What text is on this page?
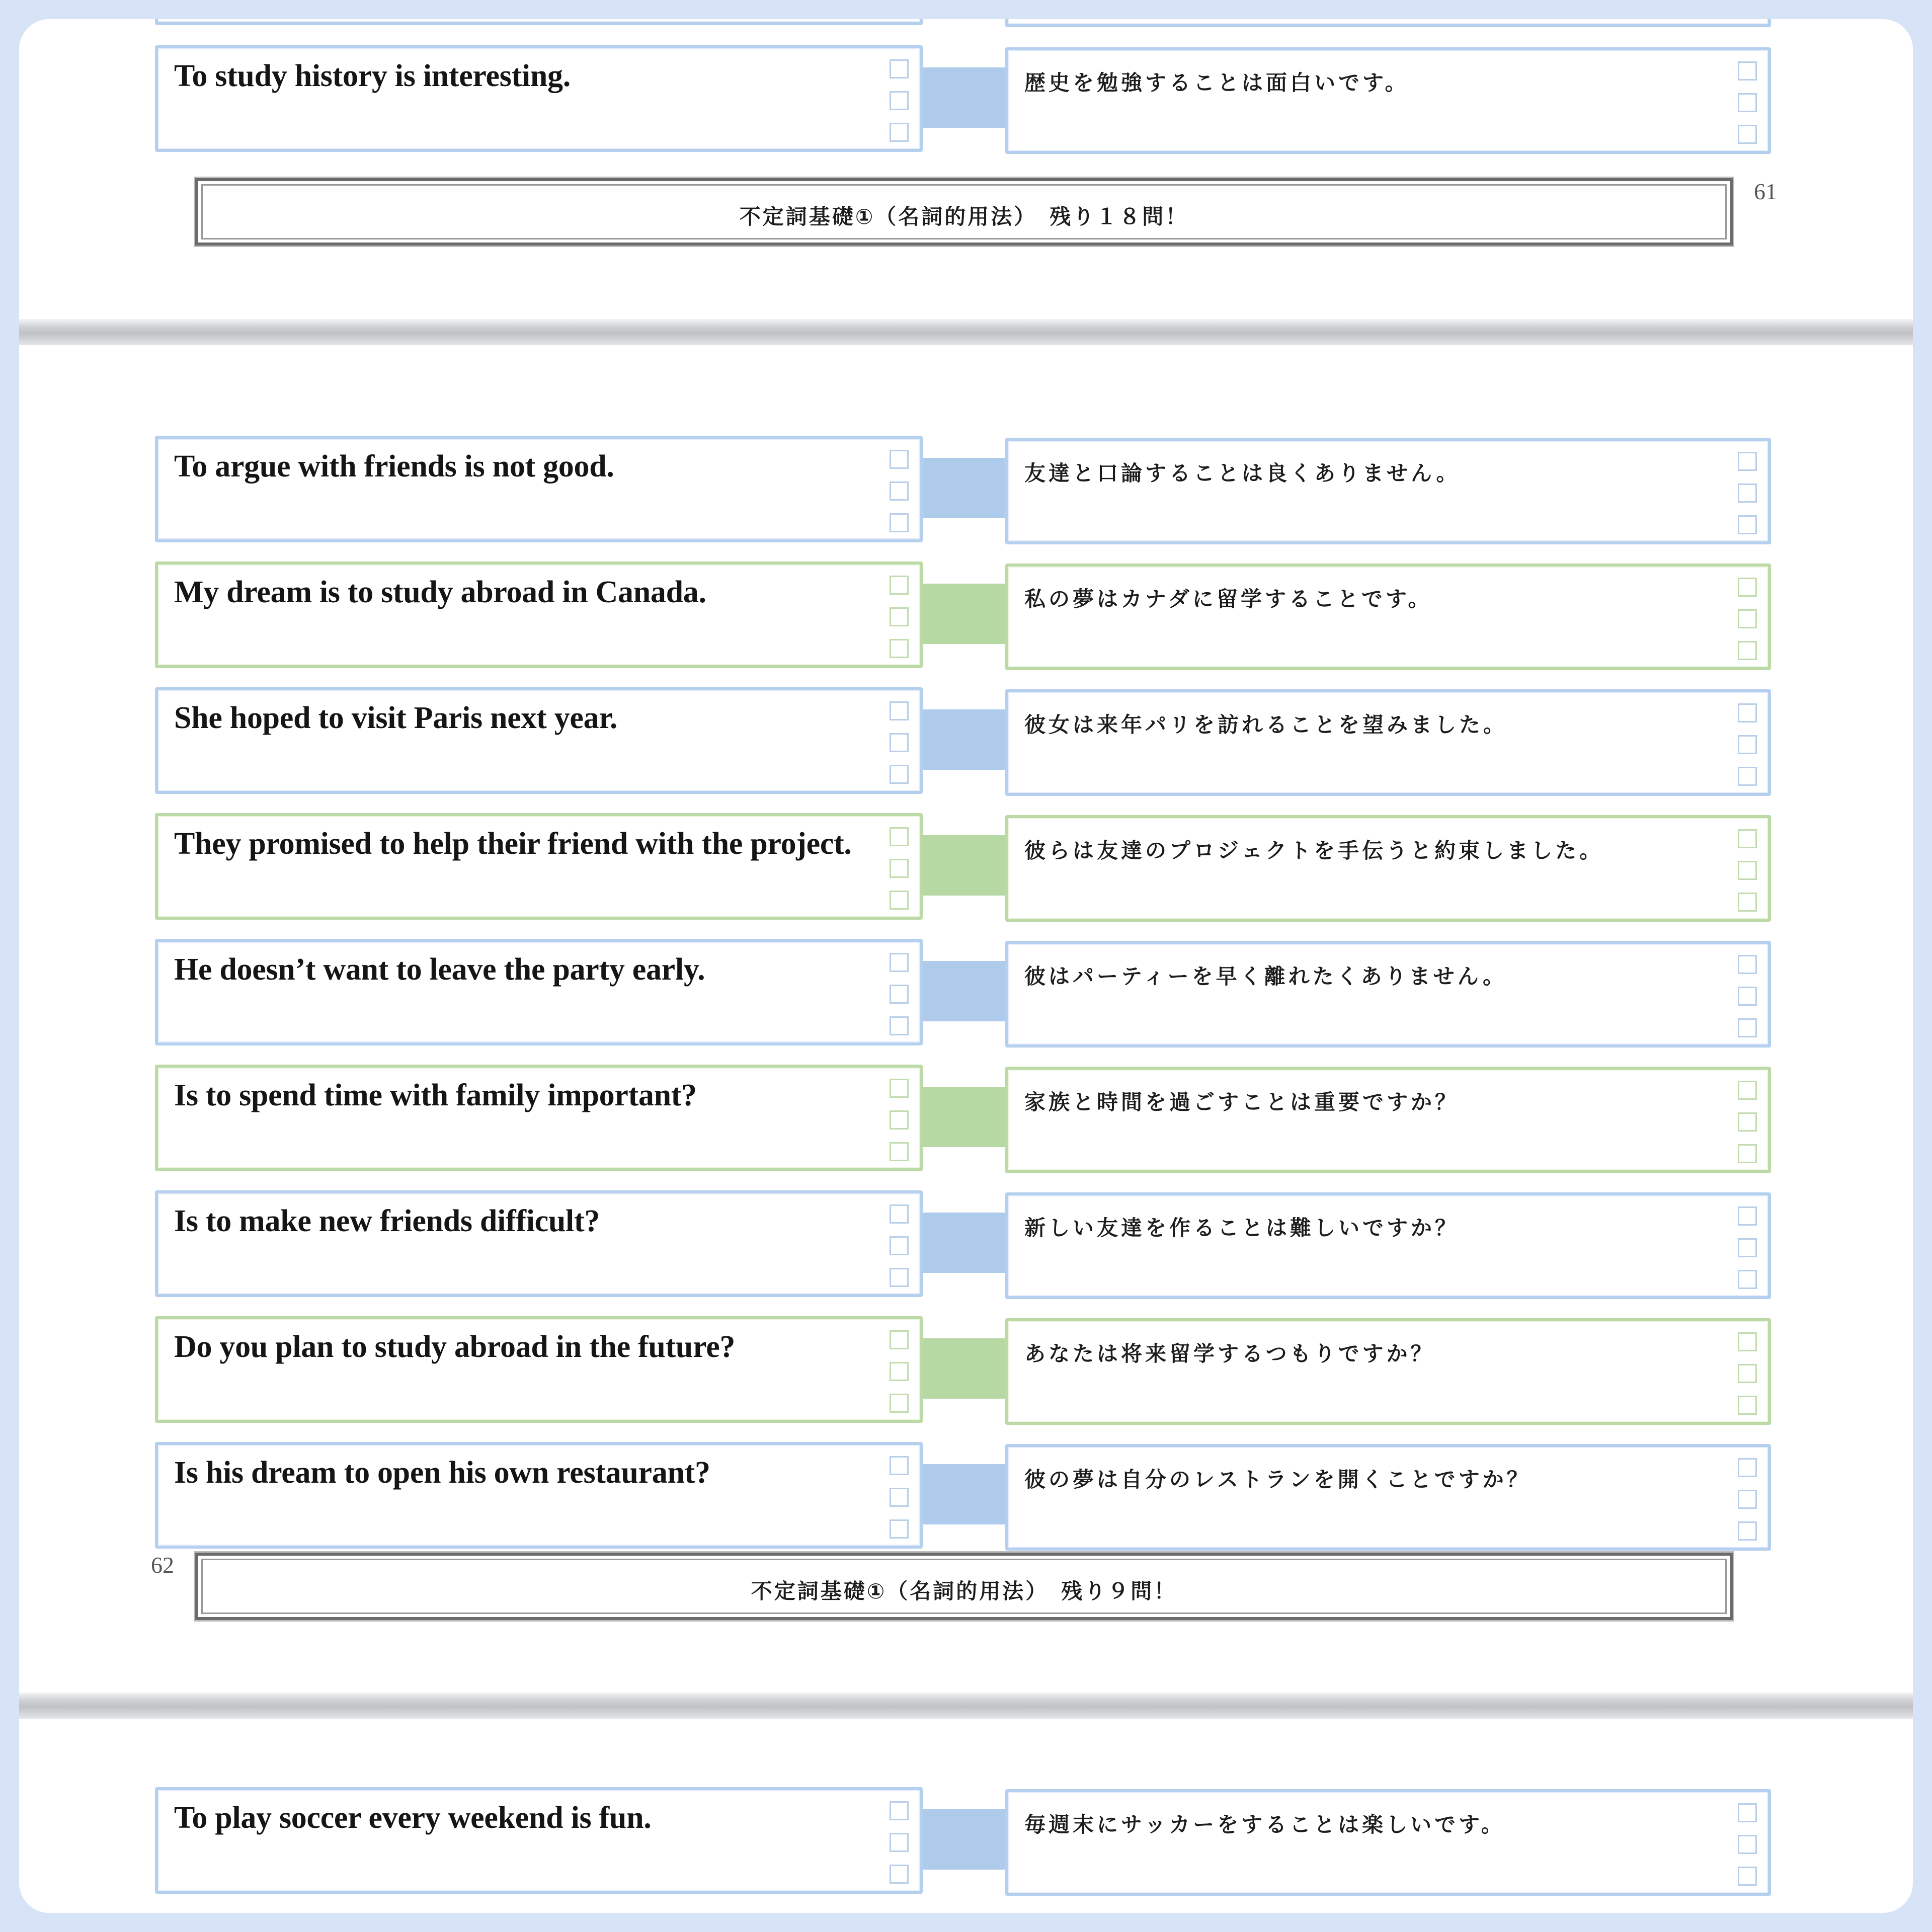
To study history is interesting.	歴史を勉強することは面白いです。
不定詞基礎①（名詞的用法）　残り１８問！
61
To argue with friends is not good.	友達と口論することは良くありません。
My dream is to study abroad in Canada.	私の夢はカナダに留学することです。
She hoped to visit Paris next year.	彼女は来年パリを訪れることを望みました。
They promised to help their friend with the project.	彼らは友達のプロジェクトを手伝うと約束しました。
He doesn’t want to leave the party early.	彼はパーティーを早く離れたくありません。
Is to spend time with family important?	家族と時間を過ごすことは重要ですか？
Is to make new friends difficult?	新しい友達を作ることは難しいですか？
Do you plan to study abroad in the future?	あなたは将来留学するつもりですか？
Is his dream to open his own restaurant?	彼の夢は自分のレストランを開くことですか？
不定詞基礎①（名詞的用法）　残り９問！
62
To play soccer every weekend is fun.	毎週末にサッカーをすることは楽しいです。
